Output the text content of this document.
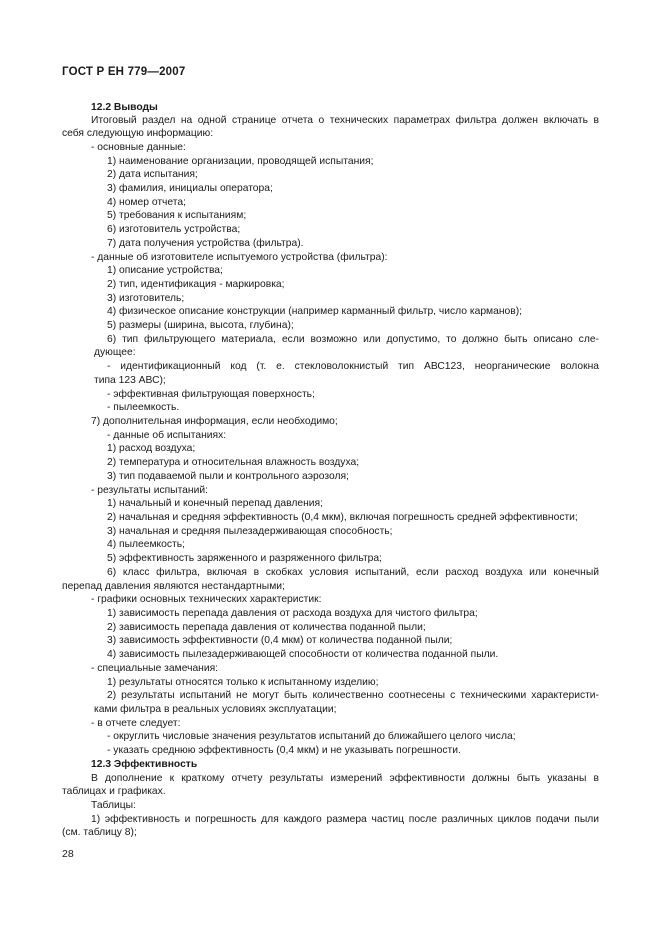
ГОСТ Р ЕН 779—2007
12.2 Выводы
Итоговый раздел на одной странице отчета о технических параметрах фильтра должен включать в
себя следующую информацию:
- основные данные:
1) наименование организации, проводящей испытания;
2) дата испытания;
3) фамилия, инициалы оператора;
4) номер отчета;
5) требования к испытаниям;
6) изготовитель устройства;
7) дата получения устройства (фильтра).
- данные об изготовителе испытуемого устройства (фильтра):
1) описание устройства;
2) тип, идентификация - маркировка;
3) изготовитель;
4) физическое описание конструкции (например карманный фильтр, число карманов);
5) размеры (ширина, высота, глубина);
6) тип фильтрующего материала, если возможно или допустимо, то должно быть описано сле-
дующее:
- идентификационный код (т. е. стекловолокнистый тип АВС123, неорганические волокна
типа 123 АВС);
- эффективная фильтрующая поверхность;
- пылеемкость.
7) дополнительная информация, если необходимо;
- данные об испытаниях:
1) расход воздуха;
2) температура и относительная влажность воздуха;
3) тип подаваемой пыли и контрольного аэрозоля;
- результаты испытаний:
1) начальный и конечный перепад давления;
2) начальная и средняя эффективность (0,4 мкм), включая погрешность средней эффективности;
3) начальная и средняя пылезадерживающая способность;
4) пылеемкость;
5) эффективность заряженного и разряженного фильтра;
6) класс фильтра, включая в скобках условия испытаний, если расход воздуха или конечный
перепад давления являются нестандартными;
- графики основных технических характеристик:
1) зависимость перепада давления от расхода воздуха для чистого фильтра;
2) зависимость перепада давления от количества поданной пыли;
3) зависимость эффективности (0,4 мкм) от количества поданной пыли;
4) зависимость пылезадерживающей способности от количества поданной пыли.
- специальные замечания:
1) результаты относятся только к испытанному изделию;
2) результаты испытаний не могут быть количественно соотнесены с техническими характеристи-
ками фильтра в реальных условиях эксплуатации;
- в отчете следует:
- округлить числовые значения результатов испытаний до ближайшего целого числа;
- указать среднюю эффективность (0,4 мкм) и не указывать погрешности.
12.3 Эффективность
В дополнение к краткому отчету результаты измерений эффективности должны быть указаны в
таблицах и графиках.
Таблицы:
1) эффективность и погрешность для каждого размера частиц после различных циклов подачи пыли
(см. таблицу 8);
28
